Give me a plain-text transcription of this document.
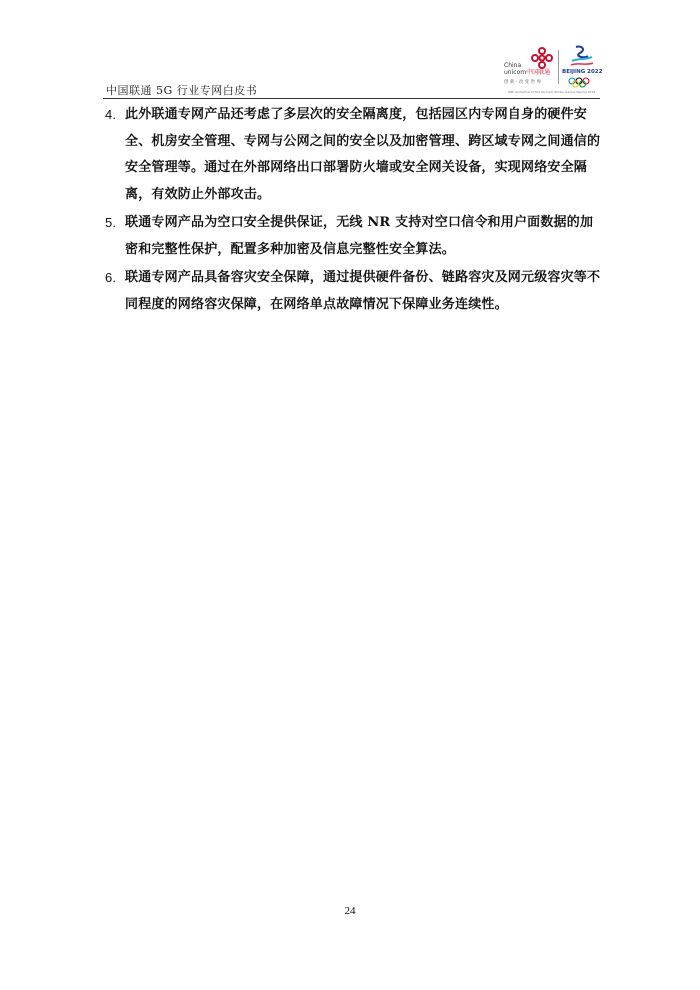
中国联通 5G 行业专网白皮书
China
unicom中国联通
创 新 · 改 变 世 界
BEIJING 2022
Official Partner of the Olympic Winter Games Beijing 2022
4. 此外联通专网产品还考虑了多层次的安全隔离度，包括园区内专网自身的硬件安全、机房安全管理、专网与公网之间的安全以及加密管理、跨区域专网之间通信的安全管理等。通过在外部网络出口部署防火墙或安全网关设备，实现网络安全隔离，有效防止外部攻击。
5. 联通专网产品为空口安全提供保证，无线 NR 支持对空口信令和用户面数据的加密和完整性保护，配置多种加密及信息完整性安全算法。
6. 联通专网产品具备容灾安全保障，通过提供硬件备份、链路容灾及网元级容灾等不同程度的网络容灾保障，在网络单点故障情况下保障业务连续性。
24
